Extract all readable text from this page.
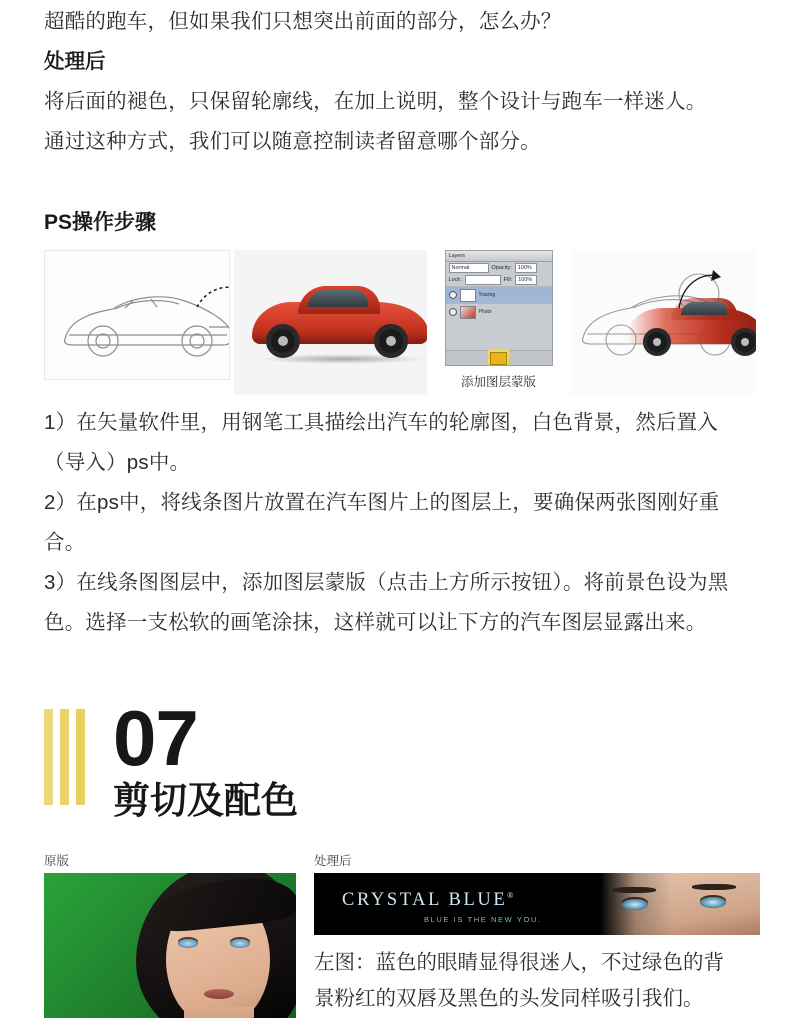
超酷的跑车，但如果我们只想突出前面的部分，怎么办？
处理后
将后面的褪色，只保留轮廓线，在加上说明，整个设计与跑车一样迷人。
通过这种方式，我们可以随意控制读者留意哪个部分。
PS操作步骤
Layers
Normal	Opacity:	100%
Lock:	Fill:	100%
Tracing
Photo
添加图层蒙版
1）在矢量软件里，用钢笔工具描绘出汽车的轮廓图，白色背景，然后置入（导入）ps中。
2）在ps中，将线条图片放置在汽车图片上的图层上，要确保两张图刚好重合。
3）在线条图图层中，添加图层蒙版（点击上方所示按钮）。将前景色设为黑色。选择一支松软的画笔涂抹，这样就可以让下方的汽车图层显露出来。
07
剪切及配色
原版	处理后
CRYSTAL BLUE®
BLUE IS THE NEW YOU.
左图：蓝色的眼睛显得很迷人，不过绿色的背
景粉红的双唇及黑色的头发同样吸引我们。
